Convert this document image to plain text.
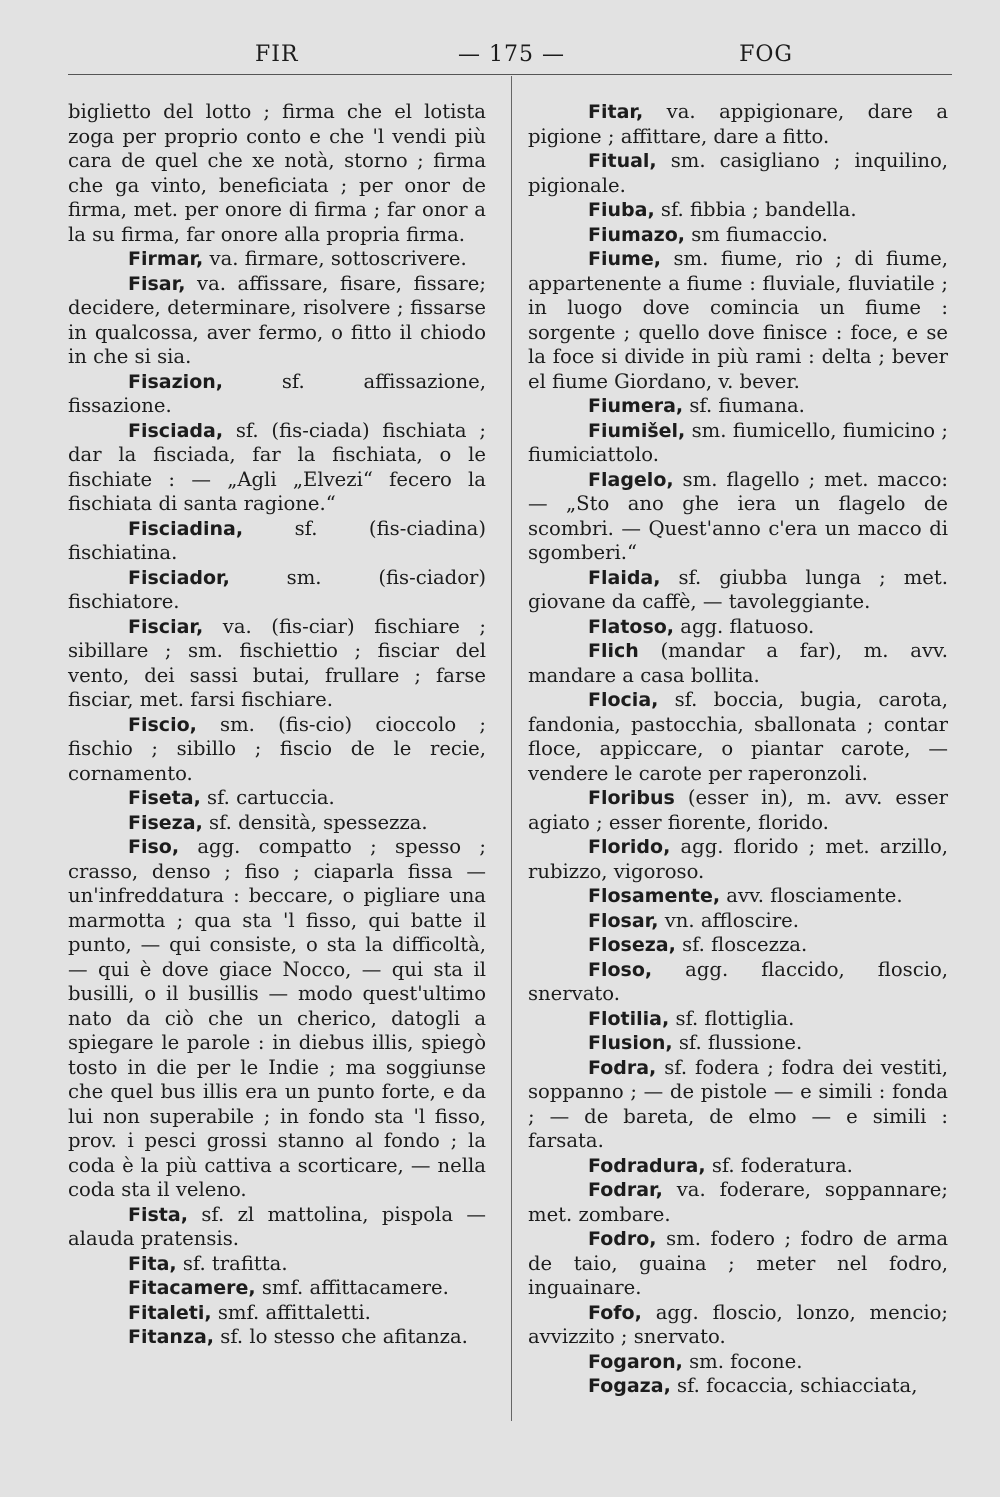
FIR	— 175 —	FOG

biglietto del lotto ; firma che el lotista zoga per proprio conto e che 'l vendi più cara de quel che xe notà, storno ; firma che ga vinto, beneficiata ; per onor de firma, met. per onore di firma ; far onor a la su firma, far onore alla propria firma.

Firmar, va. firmare, sottoscrivere.

Fisar, va. affissare, fisare, fissare; decidere, determinare, risolvere ; fissarse in qualcossa, aver fermo, o fitto il chiodo in che si sia.

Fisazion, sf. affissazione, fissazione.

Fisciada, sf. (fis-ciada) fischiata ; dar la fisciada, far la fischiata, o le fischiate : — „Agli „Elvezi“ fecero la fischiata di santa ragione.“

Fisciadina, sf. (fis-ciadina) fischiatina.

Fisciador, sm. (fis-ciador) fischiatore.

Fisciar, va. (fis-ciar) fischiare ; sibillare ; sm. fischiettio ; fisciar del vento, dei sassi butai, frullare ; farse fisciar, met. farsi fischiare.

Fiscio, sm. (fis-cio) cioccolo ; fischio ; sibillo ; fiscio de le recie, cornamento.

Fiseta, sf. cartuccia.

Fiseza, sf. densità, spessezza.

Fiso, agg. compatto ; spesso ; crasso, denso ; fiso ; ciaparla fissa — un'infreddatura : beccare, o pigliare una marmotta ; qua sta 'l fisso, qui batte il punto, — qui consiste, o sta la difficoltà, — qui è dove giace Nocco, — qui sta il busilli, o il busillis — modo quest'ultimo nato da ciò che un cherico, datogli a spiegare le parole : in diebus illis, spiegò tosto in die per le Indie ; ma soggiunse che quel bus illis era un punto forte, e da lui non superabile ; in fondo sta 'l fisso, prov. i pesci grossi stanno al fondo ; la coda è la più cattiva a scorticare, — nella coda sta il veleno.

Fista, sf. zl mattolina, pispola — alauda pratensis.

Fita, sf. trafitta.

Fitacamere, smf. affittacamere.

Fitaleti, smf. affittaletti.

Fitanza, sf. lo stesso che afitanza.

Fitar, va. appigionare, dare a pigione ; affittare, dare a fitto.

Fitual, sm. casigliano ; inquilino, pigionale.

Fiuba, sf. fibbia ; bandella.

Fiumazo, sm fiumaccio.

Fiume, sm. fiume, rio ; di fiume, appartenente a fiume : fluviale, fluviatile ; in luogo dove comincia un fiume : sorgente ; quello dove finisce : foce, e se la foce si divide in più rami : delta ; bever el fiume Giordano, v. bever.

Fiumera, sf. fiumana.

Fiumišel, sm. fiumicello, fiumicino ; fiumiciattolo.

Flagelo, sm. flagello ; met. macco: — „Sto ano ghe iera un flagelo de scombri. — Quest'anno c'era un macco di sgomberi.“

Flaida, sf. giubba lunga ; met. giovane da caffè, — tavoleggiante.

Flatoso, agg. flatuoso.

Flich (mandar a far), m. avv. mandare a casa bollita.

Flocia, sf. boccia, bugia, carota, fandonia, pastocchia, sballonata ; contar floce, appiccare, o piantar carote, — vendere le carote per raperonzoli.

Floribus (esser in), m. avv. esser agiato ; esser fiorente, florido.

Florido, agg. florido ; met. arzillo, rubizzo, vigoroso.

Flosamente, avv. flosciamente.

Flosar, vn. affloscire.

Floseza, sf. floscezza.

Floso, agg. flaccido, floscio, snervato.

Flotilia, sf. flottiglia.

Flusion, sf. flussione.

Fodra, sf. fodera ; fodra dei vestiti, soppanno ; — de pistole — e simili : fonda ; — de bareta, de elmo — e simili : farsata.

Fodradura, sf. foderatura.

Fodrar, va. foderare, soppannare; met. zombare.

Fodro, sm. fodero ; fodro de arma de taio, guaina ; meter nel fodro, inguainare.

Fofo, agg. floscio, lonzo, mencio; avvizzito ; snervato.

Fogaron, sm. focone.

Fogaza, sf. focaccia, schiacciata,
